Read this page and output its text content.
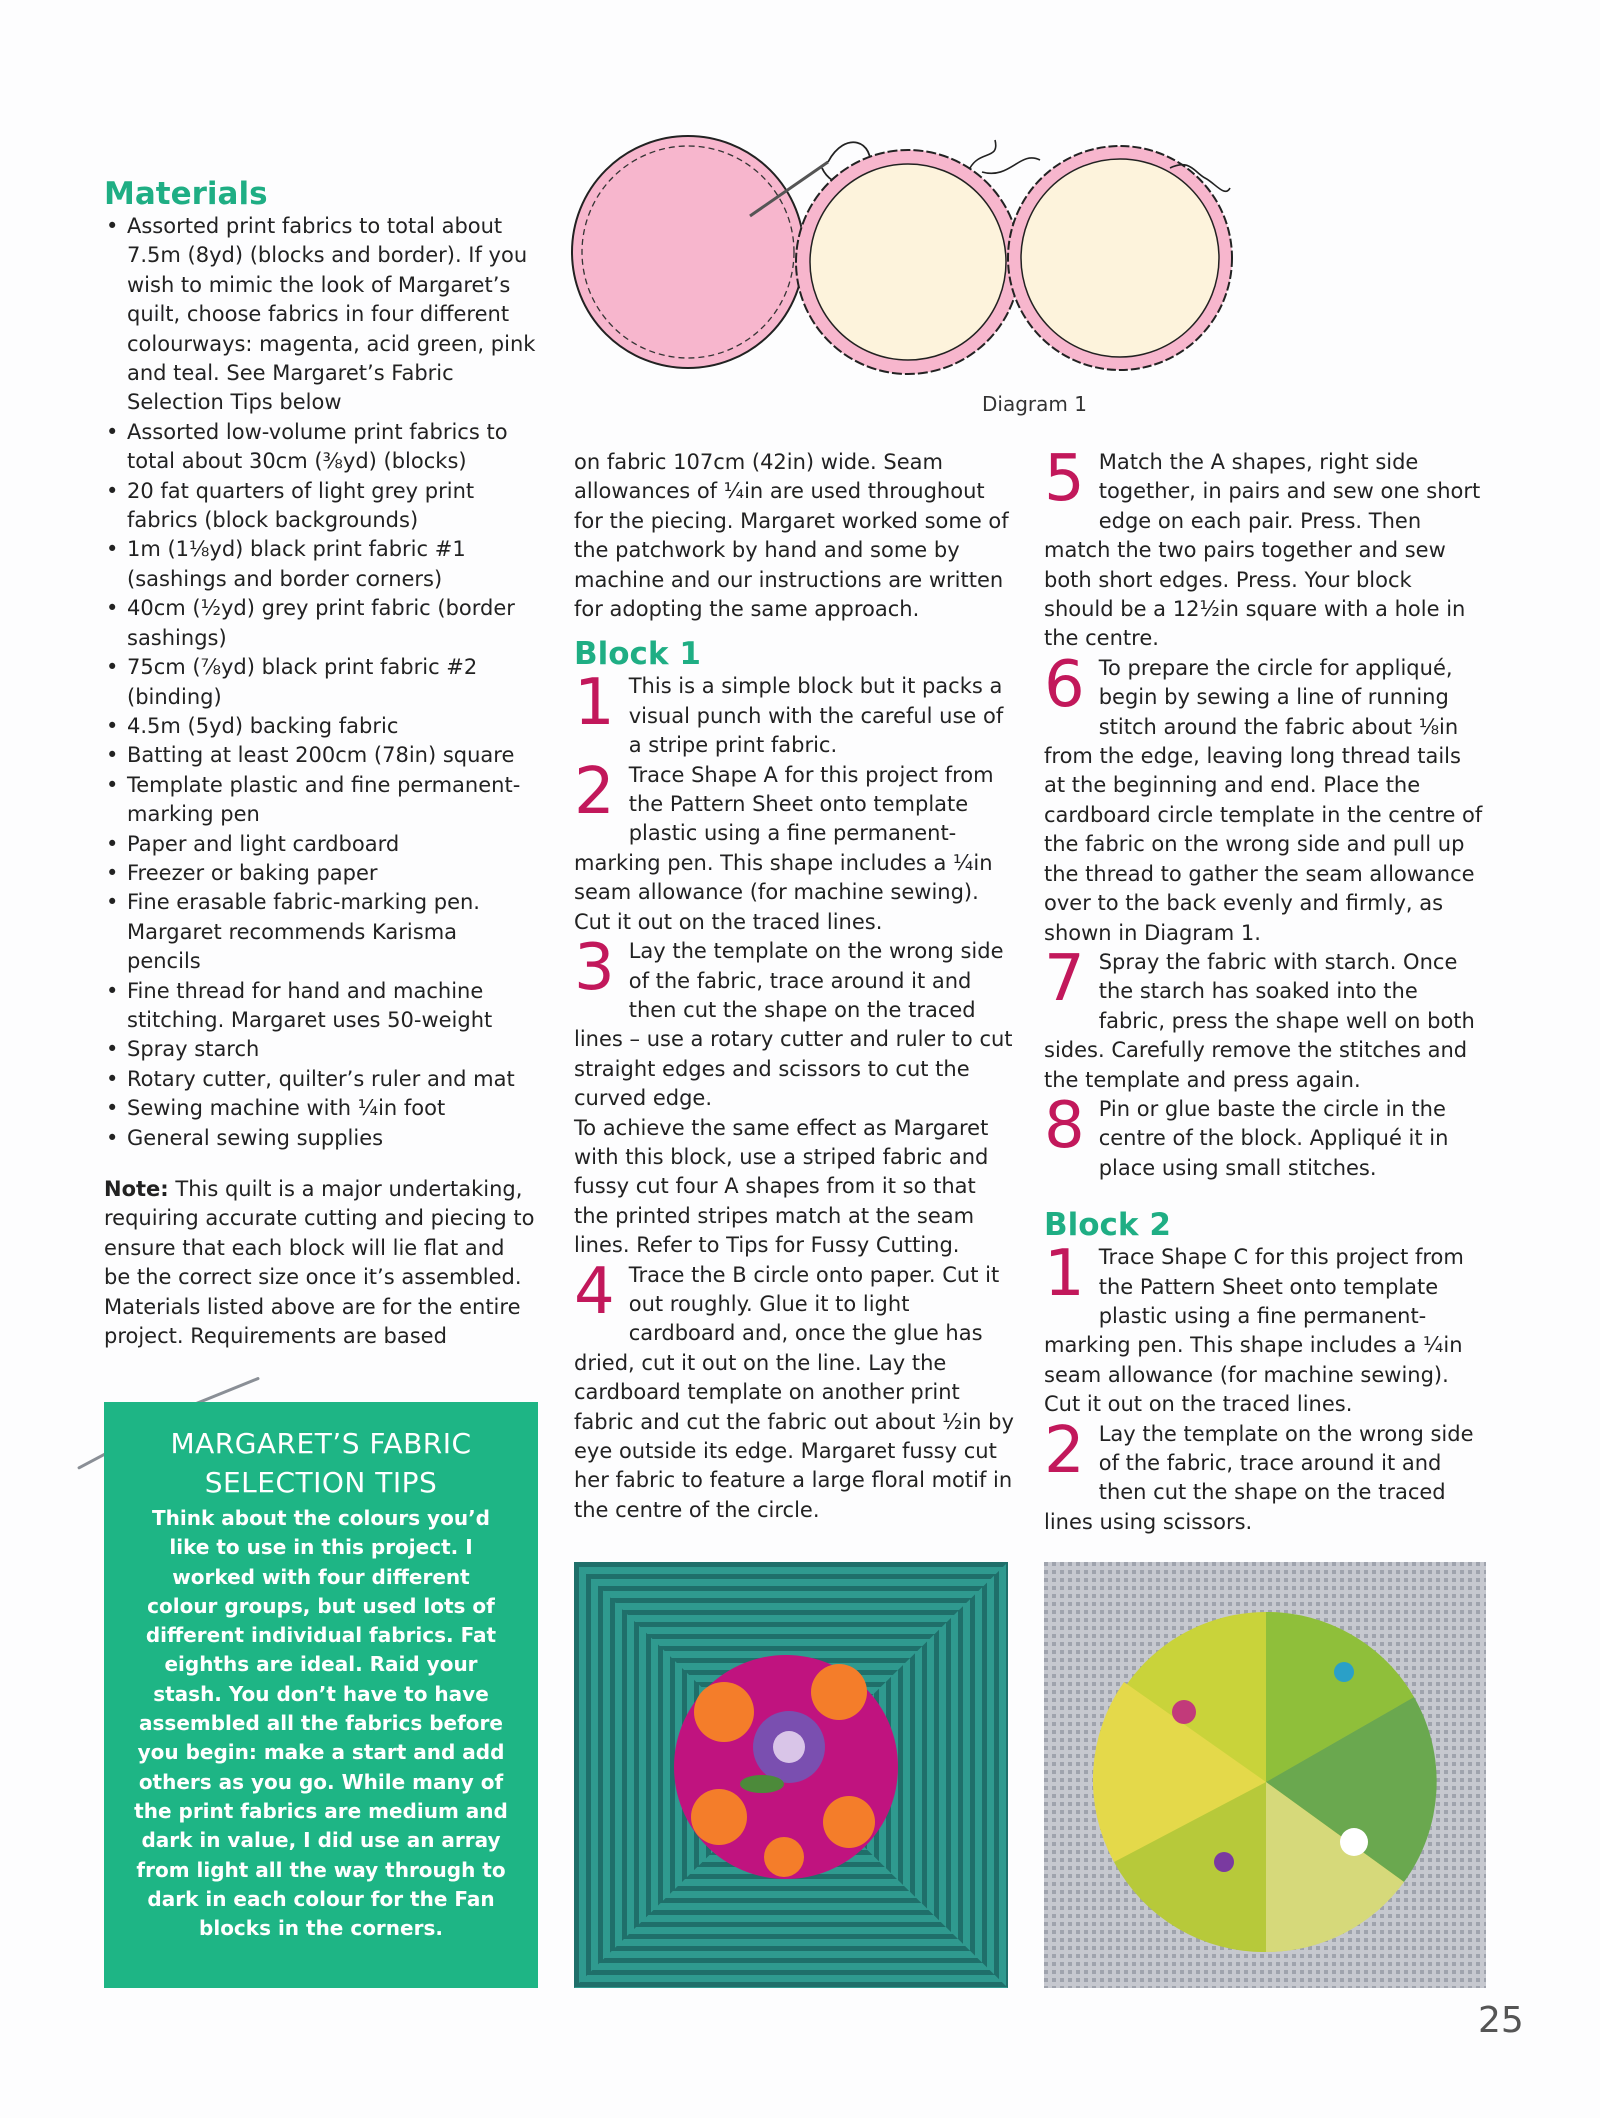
Materials
• Assorted print fabrics to total about 7.5m (8yd) (blocks and border). If you wish to mimic the look of Margaret’s quilt, choose fabrics in four different colourways: magenta, acid green, pink and teal. See Margaret’s Fabric Selection Tips below
• Assorted low-volume print fabrics to total about 30cm (⅜yd) (blocks)
• 20 fat quarters of light grey print fabrics (block backgrounds)
• 1m (1⅛yd) black print fabric #1 (sashings and border corners)
• 40cm (½yd) grey print fabric (border sashings)
• 75cm (⅞yd) black print fabric #2 (binding)
• 4.5m (5yd) backing fabric
• Batting at least 200cm (78in) square
• Template plastic and fine permanent-marking pen
• Paper and light cardboard
• Freezer or baking paper
• Fine erasable fabric-marking pen. Margaret recommends Karisma pencils
• Fine thread for hand and machine stitching. Margaret uses 50-weight
• Spray starch
• Rotary cutter, quilter’s ruler and mat
• Sewing machine with ¼in foot
• General sewing supplies

Note: This quilt is a major undertaking, requiring accurate cutting and piecing to ensure that each block will lie flat and be the correct size once it’s assembled. Materials listed above are for the entire project. Requirements are based

MARGARET’S FABRIC
SELECTION TIPS

Think about the colours you’d like to use in this project. I worked with four different colour groups, but used lots of different individual fabrics. Fat eighths are ideal. Raid your stash. You don’t have to have assembled all the fabrics before you begin: make a start and add others as you go. While many of the print fabrics are medium and dark in value, I did use an array from light all the way through to dark in each colour for the Fan blocks in the corners.

Diagram 1

on fabric 107cm (42in) wide. Seam allowances of ¼in are used throughout for the piecing. Margaret worked some of the patchwork by hand and some by machine and our instructions are written for adopting the same approach.

Block 1

1 This is a simple block but it packs a visual punch with the careful use of a stripe print fabric.

2 Trace Shape A for this project from the Pattern Sheet onto template plastic using a fine permanent-marking pen. This shape includes a ¼in seam allowance (for machine sewing). Cut it out on the traced lines.

3 Lay the template on the wrong side of the fabric, trace around it and then cut the shape on the traced lines – use a rotary cutter and ruler to cut straight edges and scissors to cut the curved edge.

To achieve the same effect as Margaret with this block, use a striped fabric and fussy cut four A shapes from it so that the printed stripes match at the seam lines. Refer to Tips for Fussy Cutting.

4 Trace the B circle onto paper. Cut it out roughly. Glue it to light cardboard and, once the glue has dried, cut it out on the line. Lay the cardboard template on another print fabric and cut the fabric out about ½in by eye outside its edge. Margaret fussy cut her fabric to feature a large floral motif in the centre of the circle.

5 Match the A shapes, right side together, in pairs and sew one short edge on each pair. Press. Then match the two pairs together and sew both short edges. Press. Your block should be a 12½in square with a hole in the centre.

6 To prepare the circle for appliqué, begin by sewing a line of running stitch around the fabric about ⅛in from the edge, leaving long thread tails at the beginning and end. Place the cardboard circle template in the centre of the fabric on the wrong side and pull up the thread to gather the seam allowance over to the back evenly and firmly, as shown in Diagram 1.

7 Spray the fabric with starch. Once the starch has soaked into the fabric, press the shape well on both sides. Carefully remove the stitches and the template and press again.

8 Pin or glue baste the circle in the centre of the block. Appliqué it in place using small stitches.

Block 2

1 Trace Shape C for this project from the Pattern Sheet onto template plastic using a fine permanent-marking pen. This shape includes a ¼in seam allowance (for machine sewing). Cut it out on the traced lines.

2 Lay the template on the wrong side of the fabric, trace around it and then cut the shape on the traced lines using scissors.

25
